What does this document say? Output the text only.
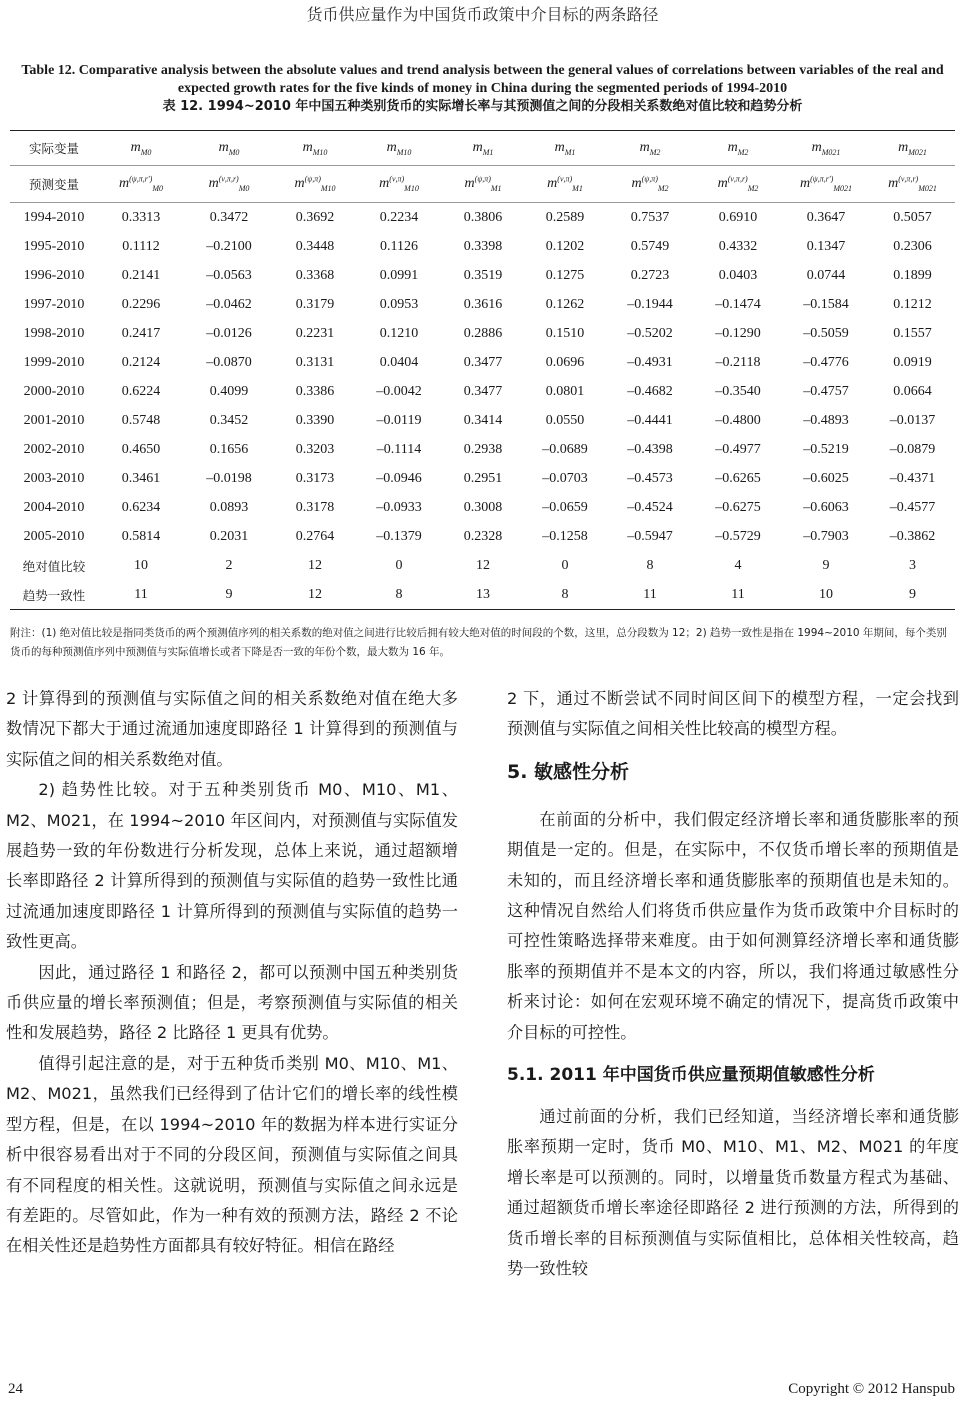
货币供应量作为中国货币政策中介目标的两条路径
Table 12. Comparative analysis between the absolute values and trend analysis between the general values of correlations between variables of the real and expected growth rates for the five kinds of money in China during the segmented periods of 1994-2010
表 12. 1994~2010 年中国五种类别货币的实际增长率与其预测值之间的分段相关系数绝对值比较和趋势分析
实际变量	$m_{M0}$	$m_{M0}$	$m_{M10}$	$m_{M10}$	$m_{M1}$	$m_{M1}$	$m_{M2}$	$m_{M2}$	$m_{M021}$	$m_{M021}$
预测变量	$m^{(\psi,\pi,r')}_{M0}$	$m^{(\nu,\pi,r)}_{M0}$	$m^{(\psi,\pi)}_{M10}$	$m^{(\nu,\pi)}_{M10}$	$m^{(\psi,\pi)}_{M1}$	$m^{(\nu,\pi)}_{M1}$	$m^{(\psi,\pi)}_{M2}$	$m^{(\nu,\pi,r)}_{M2}$	$m^{(\psi,\pi,r')}_{M021}$	$m^{(\nu,\pi,r)}_{M021}$
1994-2010	0.3313	0.3472	0.3692	0.2234	0.3806	0.2589	0.7537	0.6910	0.3647	0.5057
1995-2010	0.1112	–0.2100	0.3448	0.1126	0.3398	0.1202	0.5749	0.4332	0.1347	0.2306
1996-2010	0.2141	–0.0563	0.3368	0.0991	0.3519	0.1275	0.2723	0.0403	0.0744	0.1899
1997-2010	0.2296	–0.0462	0.3179	0.0953	0.3616	0.1262	–0.1944	–0.1474	–0.1584	0.1212
1998-2010	0.2417	–0.0126	0.2231	0.1210	0.2886	0.1510	–0.5202	–0.1290	–0.5059	0.1557
1999-2010	0.2124	–0.0870	0.3131	0.0404	0.3477	0.0696	–0.4931	–0.2118	–0.4776	0.0919
2000-2010	0.6224	0.4099	0.3386	–0.0042	0.3477	0.0801	–0.4682	–0.3540	–0.4757	0.0664
2001-2010	0.5748	0.3452	0.3390	–0.0119	0.3414	0.0550	–0.4441	–0.4800	–0.4893	–0.0137
2002-2010	0.4650	0.1656	0.3203	–0.1114	0.2938	–0.0689	–0.4398	–0.4977	–0.5219	–0.0879
2003-2010	0.3461	–0.0198	0.3173	–0.0946	0.2951	–0.0703	–0.4573	–0.6265	–0.6025	–0.4371
2004-2010	0.6234	0.0893	0.3178	–0.0933	0.3008	–0.0659	–0.4524	–0.6275	–0.6063	–0.4577
2005-2010	0.5814	0.2031	0.2764	–0.1379	0.2328	–0.1258	–0.5947	–0.5729	–0.7903	–0.3862
绝对值比较	10	2	12	0	12	0	8	4	9	3
趋势一致性	11	9	12	8	13	8	11	11	10	9
附注：(1) 绝对值比较是指同类货币的两个预测值序列的相关系数的绝对值之间进行比较后拥有较大绝对值的时间段的个数，这里，总分段数为 12；2) 趋势一致性是指在 1994~2010 年期间，每个类别货币的每种预测值序列中预测值与实际值增长或者下降是否一致的年份个数，最大数为 16 年。

2 计算得到的预测值与实际值之间的相关系数绝对值在绝大多数情况下都大于通过流通加速度即路径 1 计算得到的预测值与实际值之间的相关系数绝对值。

2) 趋势性比较。对于五种类别货币 M0、M10、M1、M2、M021，在 1994~2010 年区间内，对预测值与实际值发展趋势一致的年份数进行分析发现，总体上来说，通过超额增长率即路径 2 计算所得到的预测值与实际值的趋势一致性比通过流通加速度即路径 1 计算所得到的预测值与实际值的趋势一致性更高。

因此，通过路径 1 和路径 2，都可以预测中国五种类别货币供应量的增长率预测值；但是，考察预测值与实际值的相关性和发展趋势，路径 2 比路径 1 更具有优势。

值得引起注意的是，对于五种货币类别 M0、M10、M1、M2、M021，虽然我们已经得到了估计它们的增长率的线性模型方程，但是，在以 1994~2010 年的数据为样本进行实证分析中很容易看出对于不同的分段区间，预测值与实际值之间具有不同程度的相关性。这就说明，预测值与实际值之间永远是有差距的。尽管如此，作为一种有效的预测方法，路经 2 不论在相关性还是趋势性方面都具有较好特征。相信在路经

2 下，通过不断尝试不同时间区间下的模型方程，一定会找到预测值与实际值之间相关性比较高的模型方程。

5. 敏感性分析

在前面的分析中，我们假定经济增长率和通货膨胀率的预期值是一定的。但是，在实际中，不仅货币增长率的预期值是未知的，而且经济增长率和通货膨胀率的预期值也是未知的。这种情况自然给人们将货币供应量作为货币政策中介目标时的可控性策略选择带来难度。由于如何测算经济增长率和通货膨胀率的预期值并不是本文的内容，所以，我们将通过敏感性分析来讨论：如何在宏观环境不确定的情况下，提高货币政策中介目标的可控性。

5.1. 2011 年中国货币供应量预期值敏感性分析

通过前面的分析，我们已经知道，当经济增长率和通货膨胀率预期一定时，货币 M0、M10、M1、M2、M021 的年度增长率是可以预测的。同时，以增量货币数量方程式为基础、通过超额货币增长率途径即路径 2 进行预测的方法，所得到的货币增长率的目标预测值与实际值相比，总体相关性较高，趋势一致性较

24	Copyright © 2012 Hanspub
